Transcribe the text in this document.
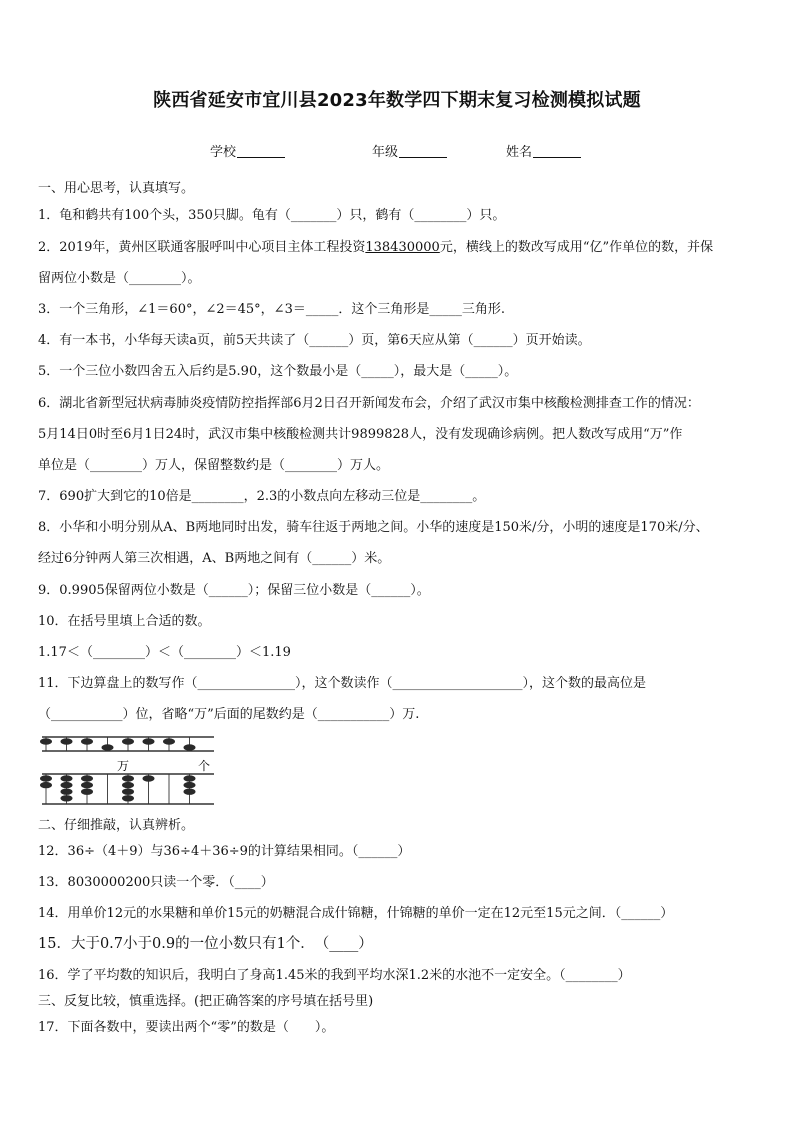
陕西省延安市宜川县2023年数学四下期末复习检测模拟试题
学校	年级	姓名
一、用心思考，认真填写。
1．龟和鹤共有100个头，350只脚。龟有（_______）只，鹤有（________）只。
2．2019年，黄州区联通客服呼叫中心项目主体工程投资138430000元，横线上的数改写成用“亿”作单位的数，并保
留两位小数是（________）。
3．一个三角形，∠1＝60°，∠2＝45°，∠3＝_____．这个三角形是_____三角形.
4．有一本书，小华每天读a页，前5天共读了（______）页，第6天应从第（______）页开始读。
5．一个三位小数四舍五入后约是5.90，这个数最小是（_____），最大是（_____）。
6．湖北省新型冠状病毒肺炎疫情防控指挥部6月2日召开新闻发布会，介绍了武汉市集中核酸检测排查工作的情况：
5月14日0时至6月1日24时，武汉市集中核酸检测共计9899828人，没有发现确诊病例。把人数改写成用“万”作
单位是（________）万人，保留整数约是（________）万人。
7．690扩大到它的10倍是________，2.3的小数点向左移动三位是________。
8．小华和小明分别从A、B两地同时出发，骑车往返于两地之间。小华的速度是150米/分，小明的速度是170米/分、
经过6分钟两人第三次相遇，A、B两地之间有（______）米。
9．0.9905保留两位小数是（______）；保留三位小数是（______）。
10．在括号里填上合适的数。
1.17＜（________）＜（________）＜1.19
11．下边算盘上的数写作（_______________），这个数读作（____________________），这个数的最高位是
（___________）位，省略“万”后面的尾数约是（___________）万.
万	个
二、仔细推敲，认真辨析。
12．36÷（4＋9）与36÷4＋36÷9的计算结果相同。（______）
13．8030000200只读一个零．（____）
14．用单价12元的水果糖和单价15元的奶糖混合成什锦糖，什锦糖的单价一定在12元至15元之间．（______）
15．大于0.7小于0.9的一位小数只有1个．　（____）
16．学了平均数的知识后，我明白了身高1.45米的我到平均水深1.2米的水池不一定安全。（________）
三、反复比较，慎重选择。(把正确答案的序号填在括号里)
17．下面各数中，要读出两个“零”的数是（　　）。
